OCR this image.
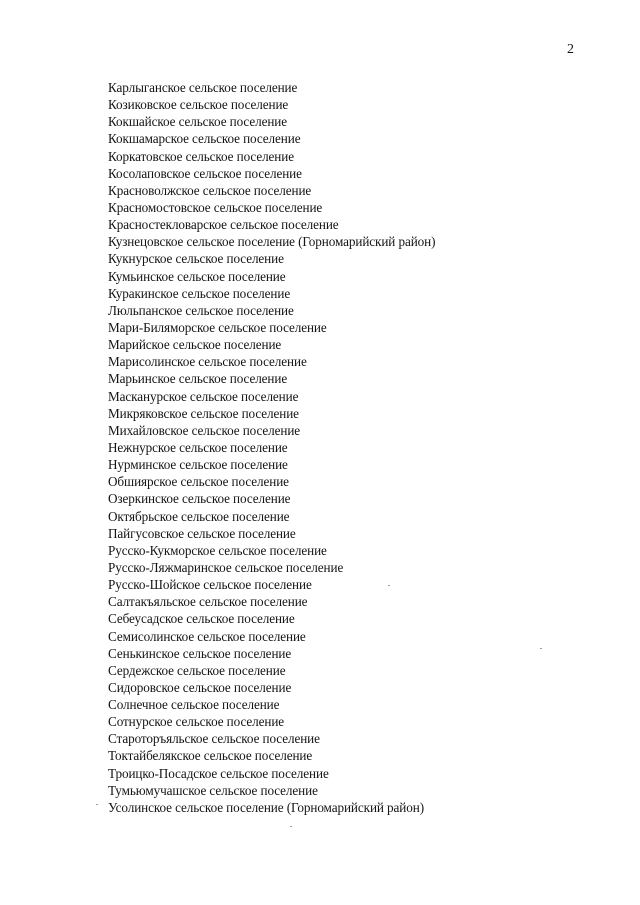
2
Карлыганское сельское поселение
Козиковское сельское поселение
Кокшайское сельское поселение
Кокшамарское сельское поселение
Коркатовское сельское поселение
Косолаповское сельское поселение
Красноволжское сельское поселение
Красномостовское сельское поселение
Красностекловарское сельское поселение
Кузнецовское сельское поселение (Горномарийский район)
Кукнурское сельское поселение
Кумьинское сельское поселение
Куракинское сельское поселение
Люльпанское сельское поселение
Мари-Биляморское сельское поселение
Марийское сельское поселение
Марисолинское сельское поселение
Марьинское сельское поселение
Масканурское сельское поселение
Микряковское сельское поселение
Михайловское сельское поселение
Нежнурское сельское поселение
Нурминское сельское поселение
Обшиярское сельское поселение
Озеркинское сельское поселение
Октябрьское сельское поселение
Пайгусовское сельское поселение
Русско-Кукморское сельское поселение
Русско-Ляжмаринское сельское поселение
Русско-Шойское сельское поселение
Салтакъяльское сельское поселение
Себеусадское сельское поселение
Семисолинское сельское поселение
Сенькинское сельское поселение
Сердежское сельское поселение
Сидоровское сельское поселение
Солнечное сельское поселение
Сотнурское сельское поселение
Староторъяльское сельское поселение
Токтайбелякское сельское поселение
Троицко-Посадское сельское поселение
Тумьюмучашское сельское поселение
Усолинское сельское поселение (Горномарийский район)
